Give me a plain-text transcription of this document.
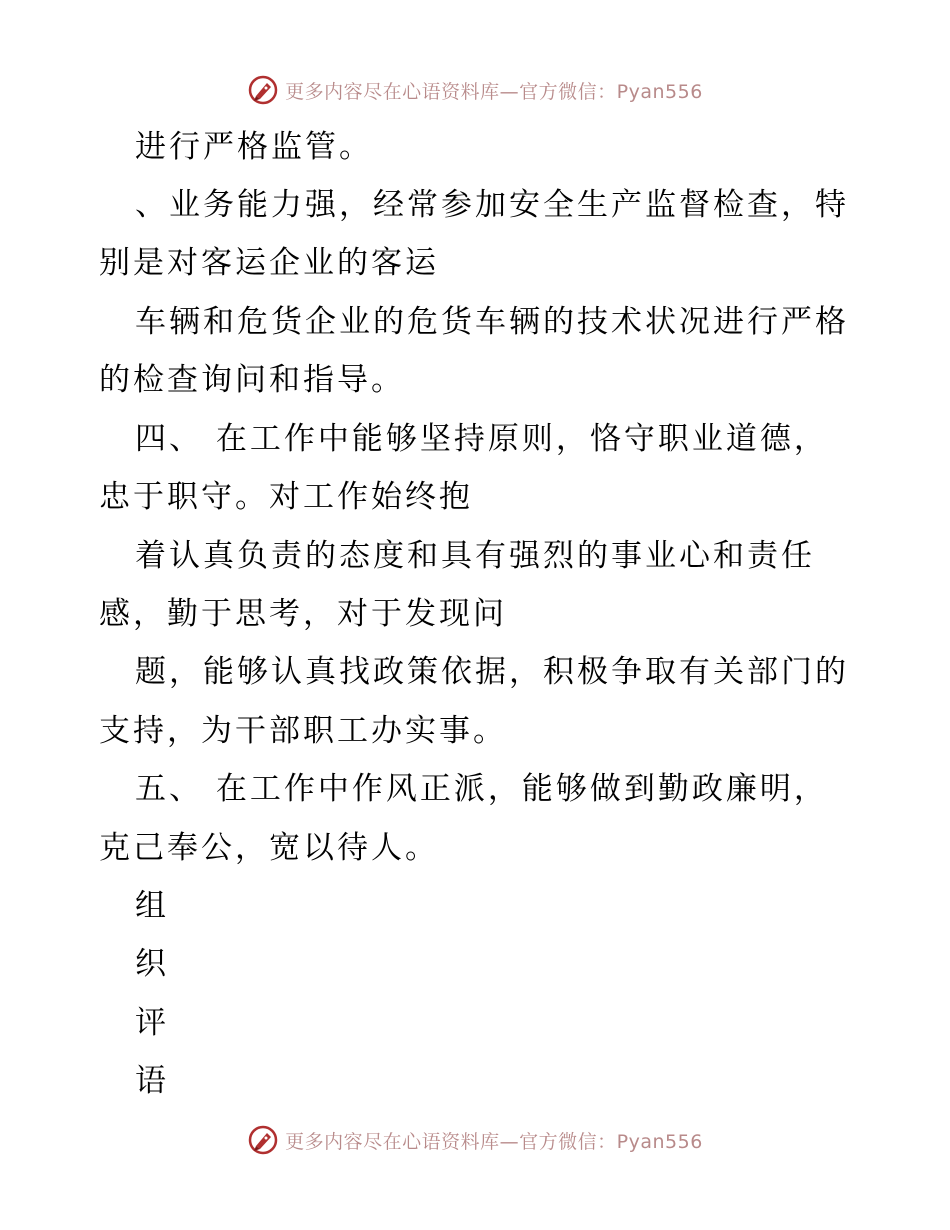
更多内容尽在心语资料库—官方微信：Pyan556
进行严格监管。
、业务能力强，经常参加安全生产监督检查，特
别是对客运企业的客运
车辆和危货企业的危货车辆的技术状况进行严格
的检查询问和指导。
四、 在工作中能够坚持原则，恪守职业道德，
忠于职守。对工作始终抱
着认真负责的态度和具有强烈的事业心和责任
感，勤于思考，对于发现问
题，能够认真找政策依据，积极争取有关部门的
支持，为干部职工办实事。
五、 在工作中作风正派，能够做到勤政廉明，
克己奉公，宽以待人。
组
织
评
语
更多内容尽在心语资料库—官方微信：Pyan556
